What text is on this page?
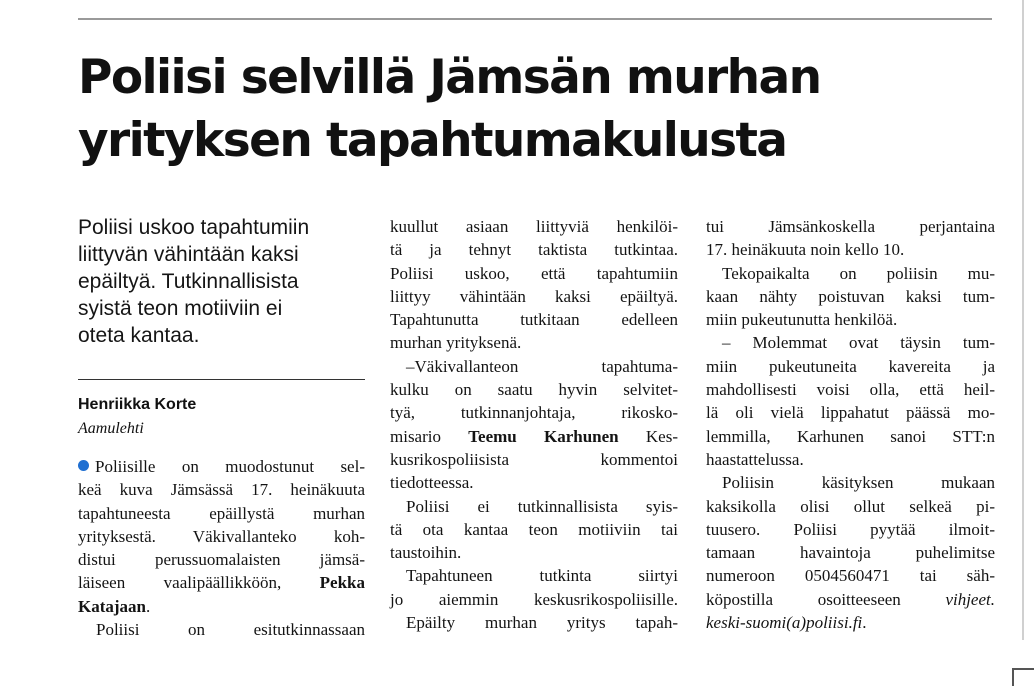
Poliisi selvillä Jämsän murhan
yrityksen tapahtumakulusta
Poliisi uskoo tapahtumiin
liittyvän vähintään kaksi
epäiltyä. Tutkinnallisista
syistä teon motiiviin ei
oteta kantaa.
Henriikka Korte
Aamulehti
Poliisille on muodostunut sel-
keä kuva Jämsässä 17. heinäkuuta
tapahtuneesta epäillystä murhan
yrityksestä. Väkivallanteko koh-
distui perussuomalaisten jämsä-
läiseen vaalipäällikköön, Pekka
Katajaan.
Poliisi on esitutkinnassaan
kuullut asiaan liittyviä henkilöi-
tä ja tehnyt taktista tutkintaa.
Poliisi uskoo, että tapahtumiin
liittyy vähintään kaksi epäiltyä.
Tapahtunutta tutkitaan edelleen
murhan yrityksenä.
–Väkivallanteon tapahtuma-
kulku on saatu hyvin selvitet-
tyä, tutkinnanjohtaja, rikosko-
misario Teemu Karhunen Kes-
kusrikospoliisista kommentoi
tiedotteessa.
Poliisi ei tutkinnallisista syis-
tä ota kantaa teon motiiviin tai
taustoihin.
Tapahtuneen tutkinta siirtyi
jo aiemmin keskusrikospoliisille.
Epäilty murhan yritys tapah-
tui Jämsänkoskella perjantaina
17. heinäkuuta noin kello 10.
Tekopaikalta on poliisin mu-
kaan nähty poistuvan kaksi tum-
miin pukeutunutta henkilöä.
– Molemmat ovat täysin tum-
miin pukeutuneita kavereita ja
mahdollisesti voisi olla, että heil-
lä oli vielä lippahatut päässä mo-
lemmilla, Karhunen sanoi STT:n
haastattelussa.
Poliisin käsityksen mukaan
kaksikolla olisi ollut selkeä pi-
tuusero. Poliisi pyytää ilmoit-
tamaan havaintoja puhelimitse
numeroon 0504560471 tai säh-
köpostilla osoitteeseen vihjeet.
keski-suomi(a)poliisi.fi.
